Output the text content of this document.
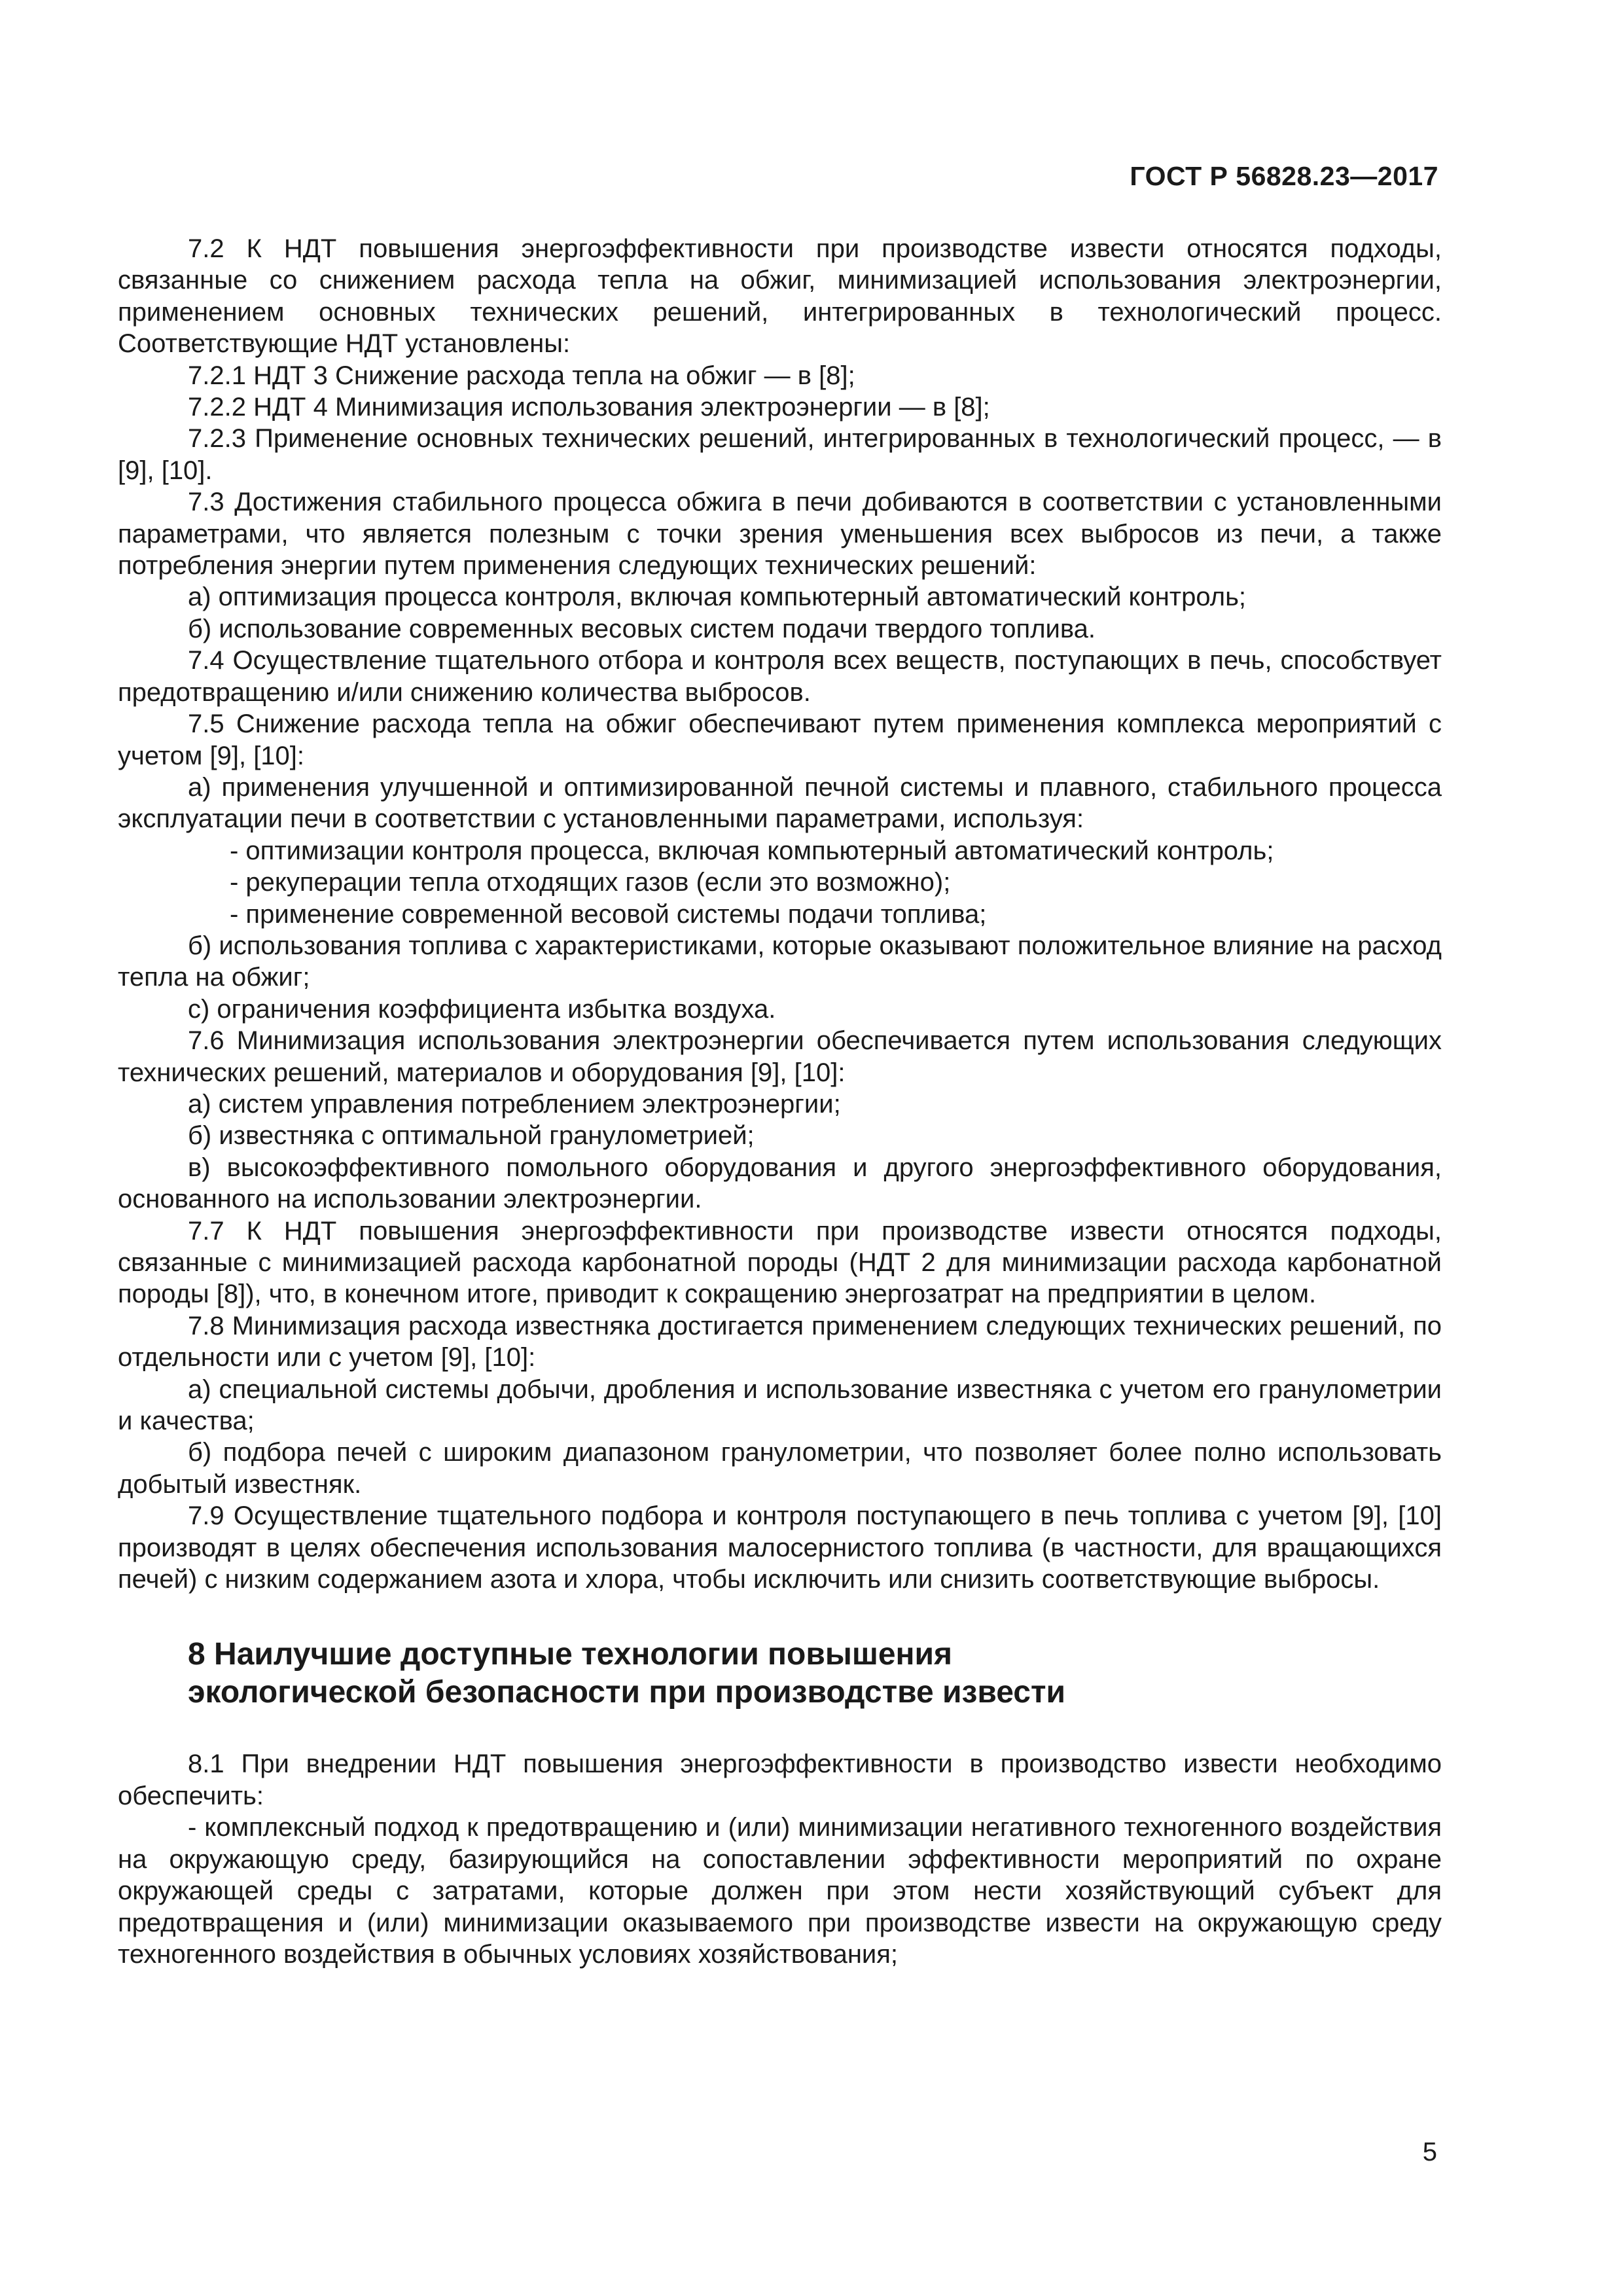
ГОСТ Р 56828.23—2017

7.2 К НДТ повышения энергоэффективности при производстве извести относятся подходы, связанные со снижением расхода тепла на обжиг, минимизацией использования электроэнергии, применением основных технических решений, интегрированных в технологический процесс. Соответствующие НДТ установлены:

7.2.1 НДТ 3 Снижение расхода тепла на обжиг — в [8];

7.2.2 НДТ 4 Минимизация использования электроэнергии — в [8];

7.2.3 Применение основных технических решений, интегрированных в технологический процесс, — в [9], [10].

7.3 Достижения стабильного процесса обжига в печи добиваются в соответствии с установленными параметрами, что является полезным с точки зрения уменьшения всех выбросов из печи, а также потребления энергии путем применения следующих технических решений:

а) оптимизация процесса контроля, включая компьютерный автоматический контроль;

б) использование современных весовых систем подачи твердого топлива.

7.4 Осуществление тщательного отбора и контроля всех веществ, поступающих в печь, способствует предотвращению и/или снижению количества выбросов.

7.5 Снижение расхода тепла на обжиг обеспечивают путем применения комплекса мероприятий с учетом [9], [10]:

а) применения улучшенной и оптимизированной печной системы и плавного, стабильного процесса эксплуатации печи в соответствии с установленными параметрами, используя:

- оптимизации контроля процесса, включая компьютерный автоматический контроль;

- рекуперации тепла отходящих газов (если это возможно);

- применение современной весовой системы подачи топлива;

б) использования топлива с характеристиками, которые оказывают положительное влияние на расход тепла на обжиг;

с) ограничения коэффициента избытка воздуха.

7.6 Минимизация использования электроэнергии обеспечивается путем использования следующих технических решений, материалов и оборудования [9], [10]:

а) систем управления потреблением электроэнергии;

б) известняка с оптимальной гранулометрией;

в) высокоэффективного помольного оборудования и другого энергоэффективного оборудования, основанного на использовании электроэнергии.

7.7 К НДТ повышения энергоэффективности при производстве извести относятся подходы, связанные с минимизацией расхода карбонатной породы (НДТ 2 для минимизации расхода карбонатной породы [8]), что, в конечном итоге, приводит к сокращению энергозатрат на предприятии в целом.

7.8 Минимизация расхода известняка достигается применением следующих технических решений, по отдельности или с учетом [9], [10]:

а) специальной системы добычи, дробления и использование известняка с учетом его гранулометрии и качества;

б) подбора печей с широким диапазоном гранулометрии, что позволяет более полно использовать добытый известняк.

7.9 Осуществление тщательного подбора и контроля поступающего в печь топлива с учетом [9], [10] производят в целях обеспечения использования малосернистого топлива (в частности, для вращающихся печей) с низким содержанием азота и хлора, чтобы исключить или снизить соответствующие выбросы.

8 Наилучшие доступные технологии повышения
экологической безопасности при производстве извести

8.1 При внедрении НДТ повышения энергоэффективности в производство извести необходимо обеспечить:

- комплексный подход к предотвращению и (или) минимизации негативного техногенного воздействия на окружающую среду, базирующийся на сопоставлении эффективности мероприятий по охране окружающей среды с затратами, которые должен при этом нести хозяйствующий субъект для предотвращения и (или) минимизации оказываемого при производстве извести на окружающую среду техногенного воздействия в обычных условиях хозяйствования;

5
